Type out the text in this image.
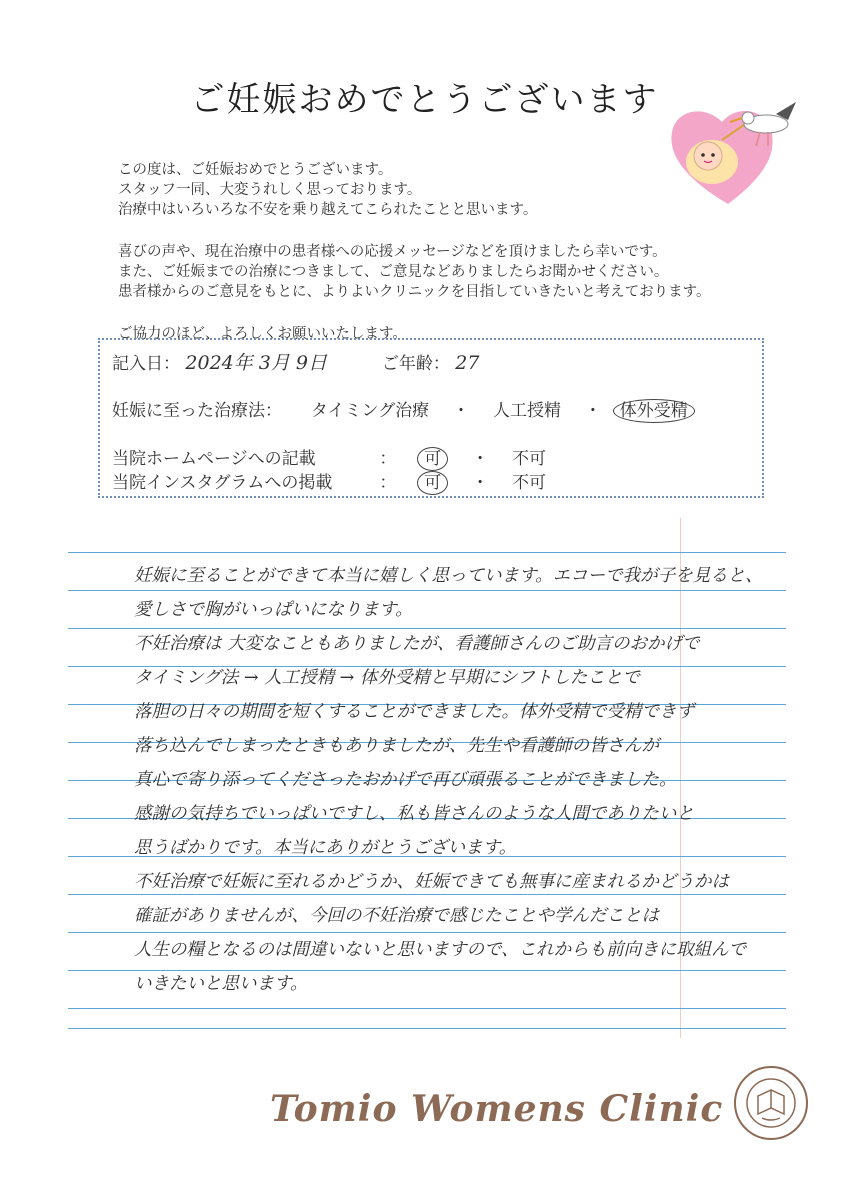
ご妊娠おめでとうございます

この度は、ご妊娠おめでとうございます。

スタッフ一同、大変うれしく思っております。

治療中はいろいろな不安を乗り越えてこられたことと思います。

喜びの声や、現在治療中の患者様への応援メッセージなどを頂けましたら幸いです。

また、ご妊娠までの治療につきまして、ご意見などありましたらお聞かせください。

患者様からのご意見をもとに、よりよいクリニックを目指していきたいと考えております。

ご協力のほど、よろしくお願いいたします。

記入日： 2024年 3月 9日	ご年齢： 27
妊娠に至った治療法： タイミング治療 ・ 人工授精 ・ 体外受精
当院ホームページへの記載	： 可 ・ 不可
当院インスタグラムへの掲載	： 可 ・ 不可
妊娠に至ることができて本当に嬉しく思っています。エコーで我が子を見ると、
愛しさで胸がいっぱいになります。
不妊治療は 大変なこともありましたが、看護師さんのご助言のおかげで
タイミング法 → 人工授精 → 体外受精と早期にシフトしたことで
落胆の日々の期間を短くすることができました。体外受精で受精できず
落ち込んでしまったときもありましたが、先生や看護師の皆さんが
真心で寄り添ってくださったおかげで再び頑張ることができました。
感謝の気持ちでいっぱいですし、私も皆さんのような人間でありたいと
思うばかりです。本当にありがとうございます。
不妊治療で妊娠に至れるかどうか、妊娠できても無事に産まれるかどうかは
確証がありませんが、今回の不妊治療で感じたことや学んだことは
人生の糧となるのは間違いないと思いますので、これからも前向きに取組んで
いきたいと思います。
Tomio Womens Clinic
